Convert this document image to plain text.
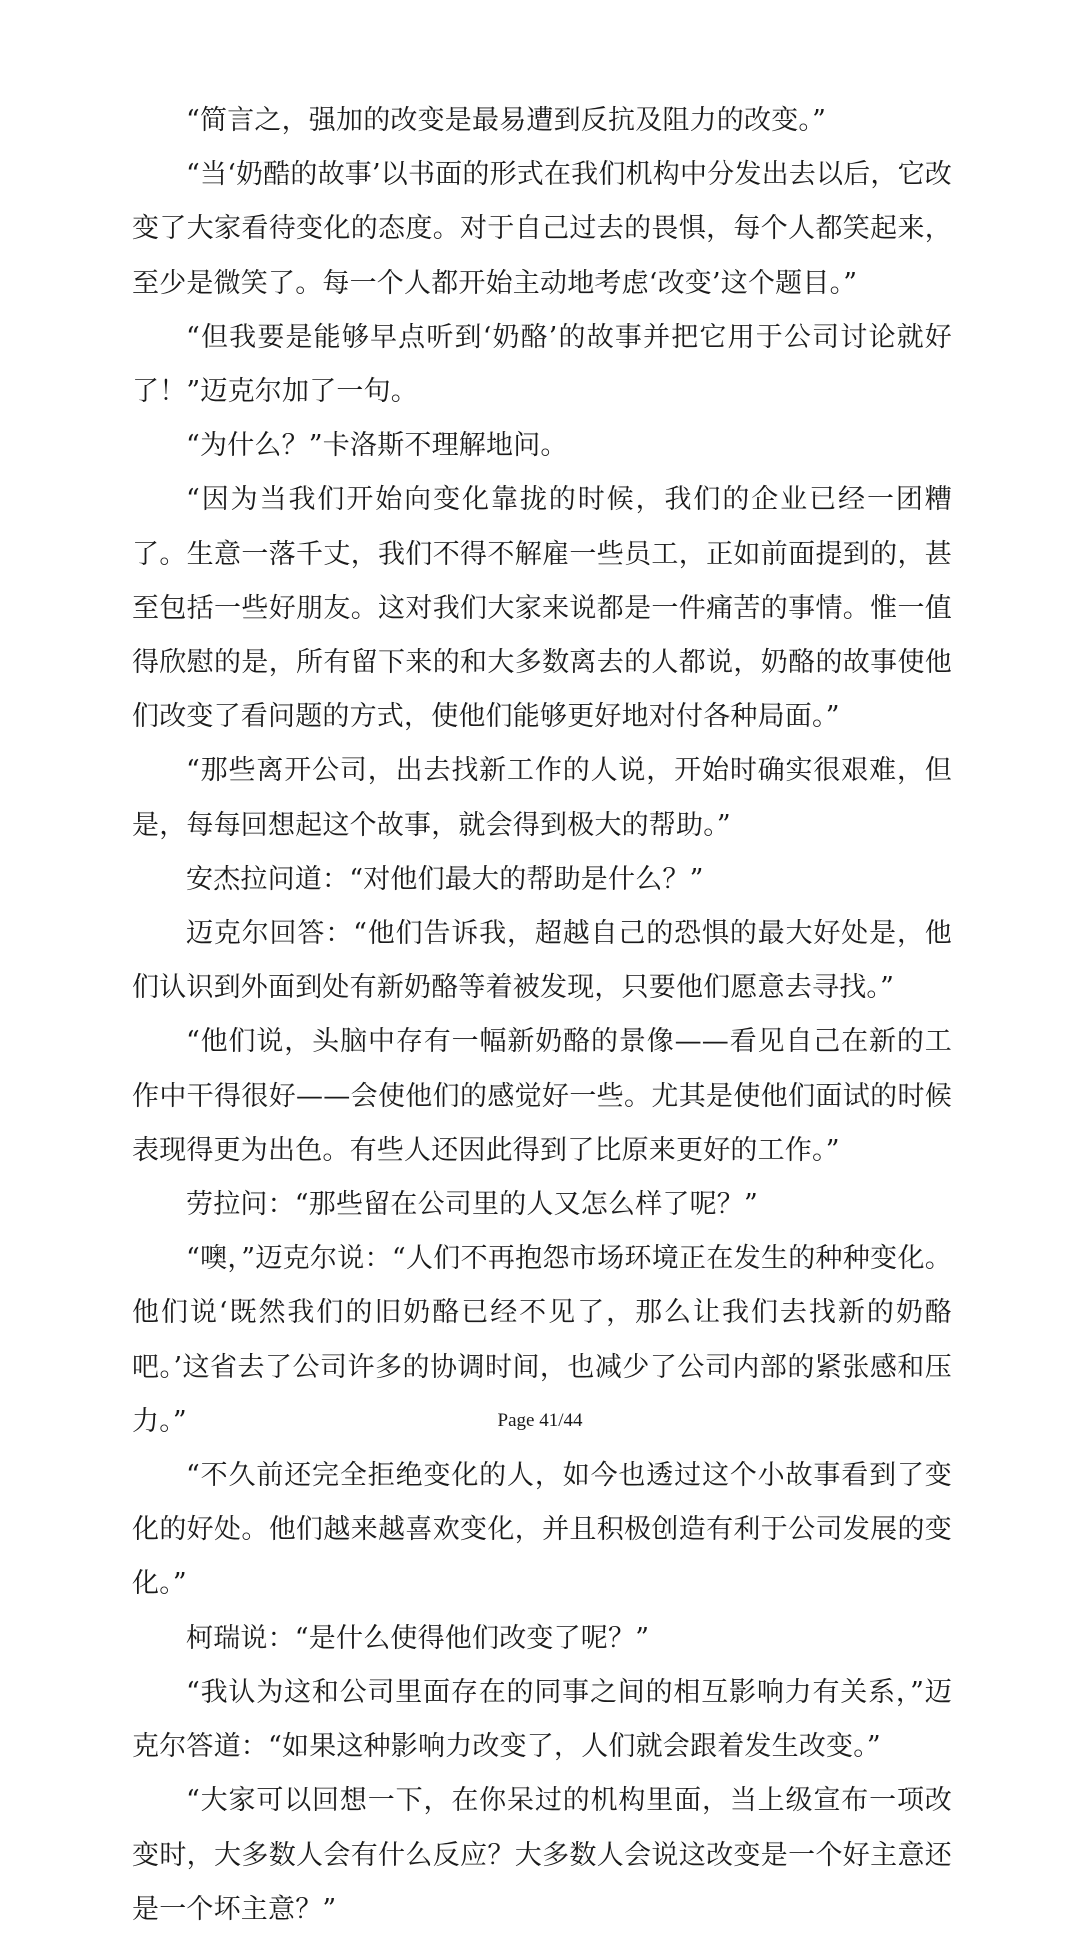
“简言之，强加的改变是最易遭到反抗及阻力的改变。”

“当‘奶酷的故事’以书面的形式在我们机构中分发出去以后，它改变了大家看待变化的态度。对于自己过去的畏惧，每个人都笑起来，至少是微笑了。每一个人都开始主动地考虑‘改变’这个题目。”

“但我要是能够早点听到‘奶酪’的故事并把它用于公司讨论就好了！”迈克尔加了一句。

“为什么？”卡洛斯不理解地问。

“因为当我们开始向变化靠拢的时候，我们的企业已经一团糟了。生意一落千丈，我们不得不解雇一些员工，正如前面提到的，甚至包括一些好朋友。这对我们大家来说都是一件痛苦的事情。惟一值得欣慰的是，所有留下来的和大多数离去的人都说，奶酪的故事使他们改变了看问题的方式，使他们能够更好地对付各种局面。”

“那些离开公司，出去找新工作的人说，开始时确实很艰难，但是，每每回想起这个故事，就会得到极大的帮助。”

安杰拉问道：“对他们最大的帮助是什么？”

迈克尔回答：“他们告诉我，超越自己的恐惧的最大好处是，他们认识到外面到处有新奶酪等着被发现，只要他们愿意去寻找。”

“他们说，头脑中存有一幅新奶酪的景像——看见自己在新的工作中干得很好——会使他们的感觉好一些。尤其是使他们面试的时候表现得更为出色。有些人还因此得到了比原来更好的工作。”

劳拉问：“那些留在公司里的人又怎么样了呢？”

“噢，”迈克尔说：“人们不再抱怨市场环境正在发生的种种变化。他们说‘既然我们的旧奶酪已经不见了，那么让我们去找新的奶酪吧。’这省去了公司许多的协调时间，也减少了公司内部的紧张感和压力。”

“不久前还完全拒绝变化的人，如今也透过这个小故事看到了变化的好处。他们越来越喜欢变化，并且积极创造有利于公司发展的变化。”

柯瑞说：“是什么使得他们改变了呢？”

“我认为这和公司里面存在的同事之间的相互影响力有关系，”迈克尔答道：“如果这种影响力改变了，人们就会跟着发生改变。”

“大家可以回想一下，在你呆过的机构里面，当上级宣布一项改变时，大多数人会有什么反应？大多数人会说这改变是一个好主意还是一个坏主意？”

Page 41/44
